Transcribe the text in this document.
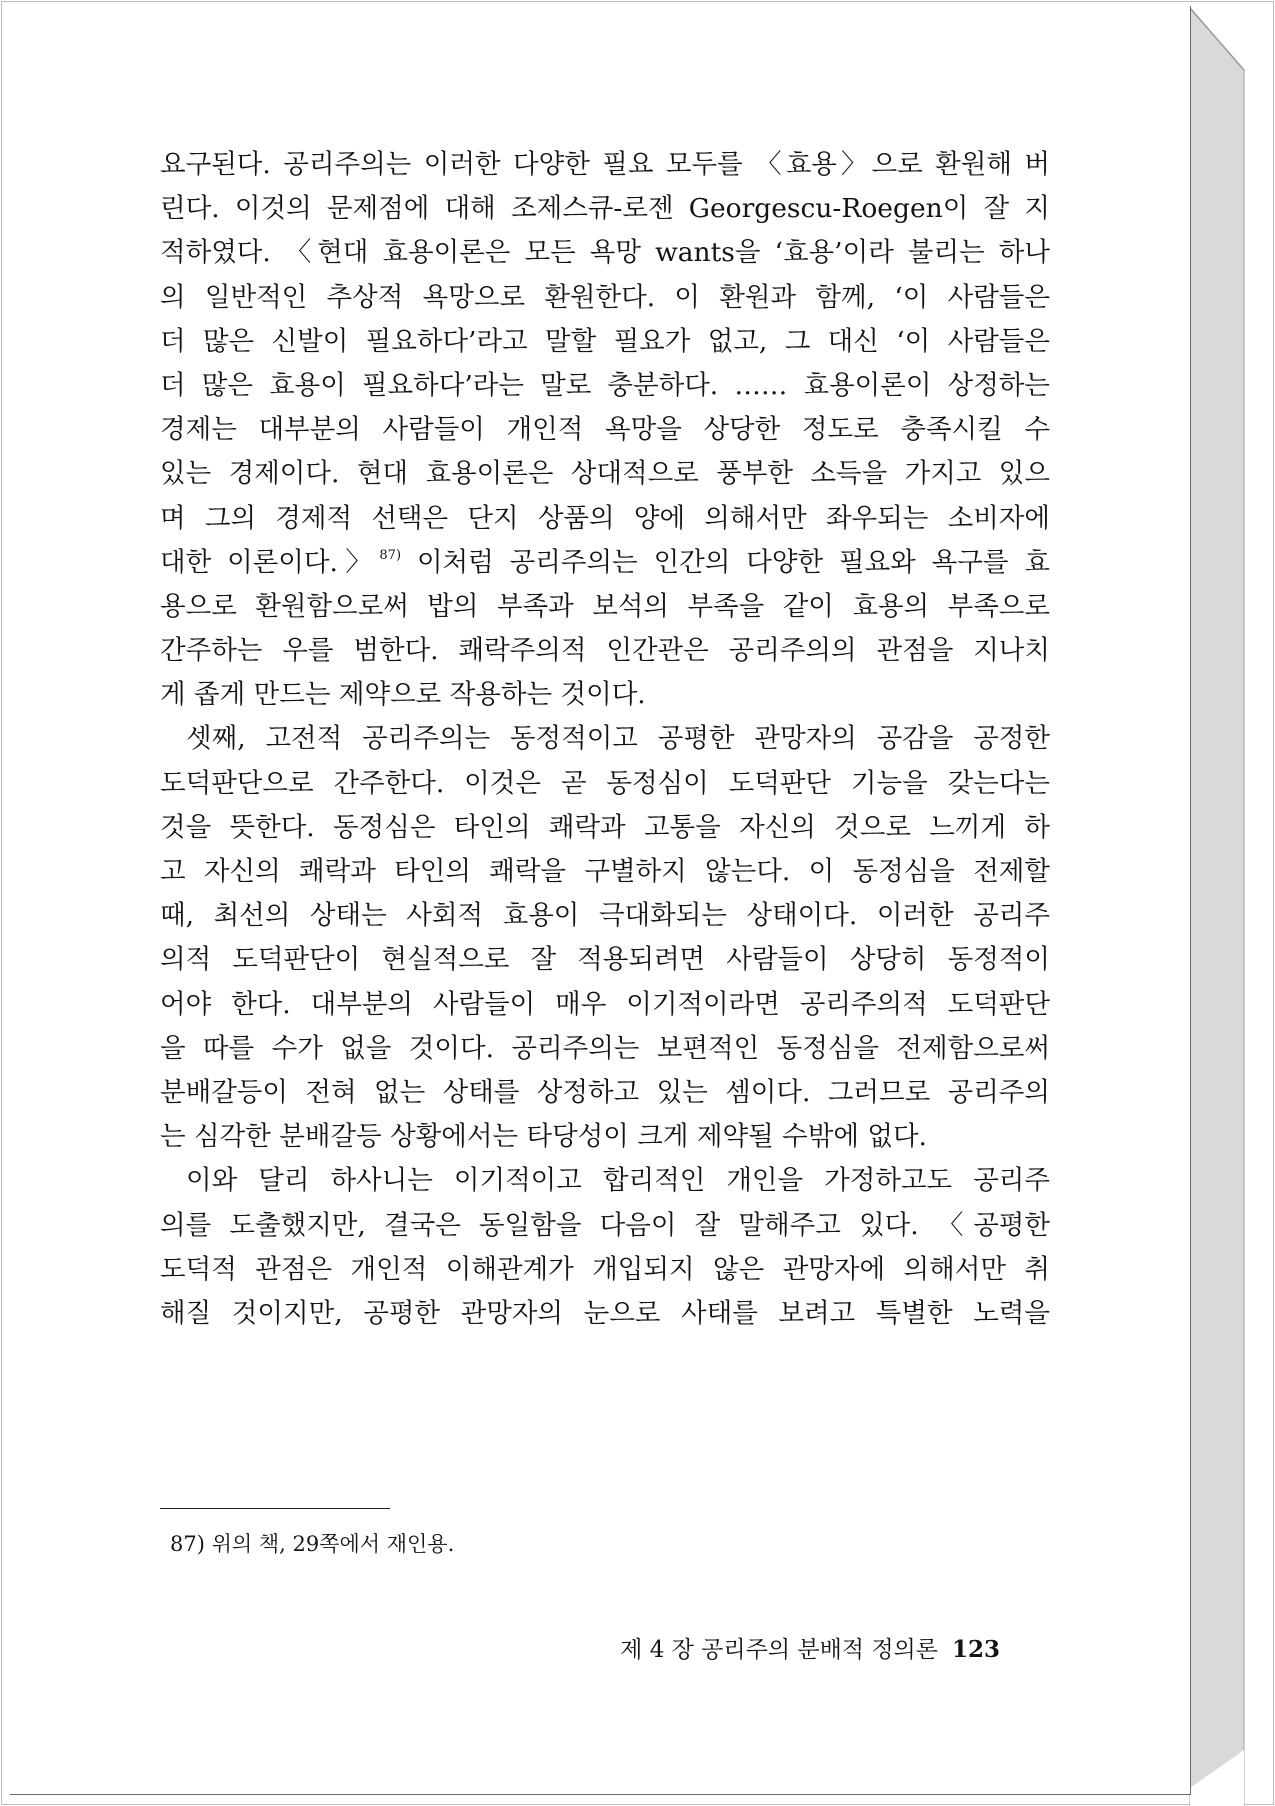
요구된다. 공리주의는 이러한 다양한 필요 모두를 〈효용〉으로 환원해 버
린다. 이것의 문제점에 대해 조제스큐-로젠 Georgescu-Roegen이 잘 지
적하였다. 〈현대 효용이론은 모든 욕망 wants을 ‘효용’이라 불리는 하나
의 일반적인 추상적 욕망으로 환원한다. 이 환원과 함께, ‘이 사람들은
더 많은 신발이 필요하다’라고 말할 필요가 없고, 그 대신 ‘이 사람들은
더 많은 효용이 필요하다’라는 말로 충분하다. …… 효용이론이 상정하는
경제는 대부분의 사람들이 개인적 욕망을 상당한 정도로 충족시킬 수
있는 경제이다. 현대 효용이론은 상대적으로 풍부한 소득을 가지고 있으
며 그의 경제적 선택은 단지 상품의 양에 의해서만 좌우되는 소비자에
대한 이론이다.〉$^{87)}$ 이처럼 공리주의는 인간의 다양한 필요와 욕구를 효
용으로 환원함으로써 밥의 부족과 보석의 부족을 같이 효용의 부족으로
간주하는 우를 범한다. 쾌락주의적 인간관은 공리주의의 관점을 지나치
게 좁게 만드는 제약으로 작용하는 것이다.
셋째, 고전적 공리주의는 동정적이고 공평한 관망자의 공감을 공정한
도덕판단으로 간주한다. 이것은 곧 동정심이 도덕판단 기능을 갖는다는
것을 뜻한다. 동정심은 타인의 쾌락과 고통을 자신의 것으로 느끼게 하
고 자신의 쾌락과 타인의 쾌락을 구별하지 않는다. 이 동정심을 전제할
때, 최선의 상태는 사회적 효용이 극대화되는 상태이다. 이러한 공리주
의적 도덕판단이 현실적으로 잘 적용되려면 사람들이 상당히 동정적이
어야 한다. 대부분의 사람들이 매우 이기적이라면 공리주의적 도덕판단
을 따를 수가 없을 것이다. 공리주의는 보편적인 동정심을 전제함으로써
분배갈등이 전혀 없는 상태를 상정하고 있는 셈이다. 그러므로 공리주의
는 심각한 분배갈등 상황에서는 타당성이 크게 제약될 수밖에 없다.
이와 달리 하사니는 이기적이고 합리적인 개인을 가정하고도 공리주
의를 도출했지만, 결국은 동일함을 다음이 잘 말해주고 있다. 〈공평한
도덕적 관점은 개인적 이해관계가 개입되지 않은 관망자에 의해서만 취
해질 것이지만, 공평한 관망자의 눈으로 사태를 보려고 특별한 노력을
87) 위의 책, 29쪽에서 재인용.
제 4 장 공리주의 분배적 정의론 123
